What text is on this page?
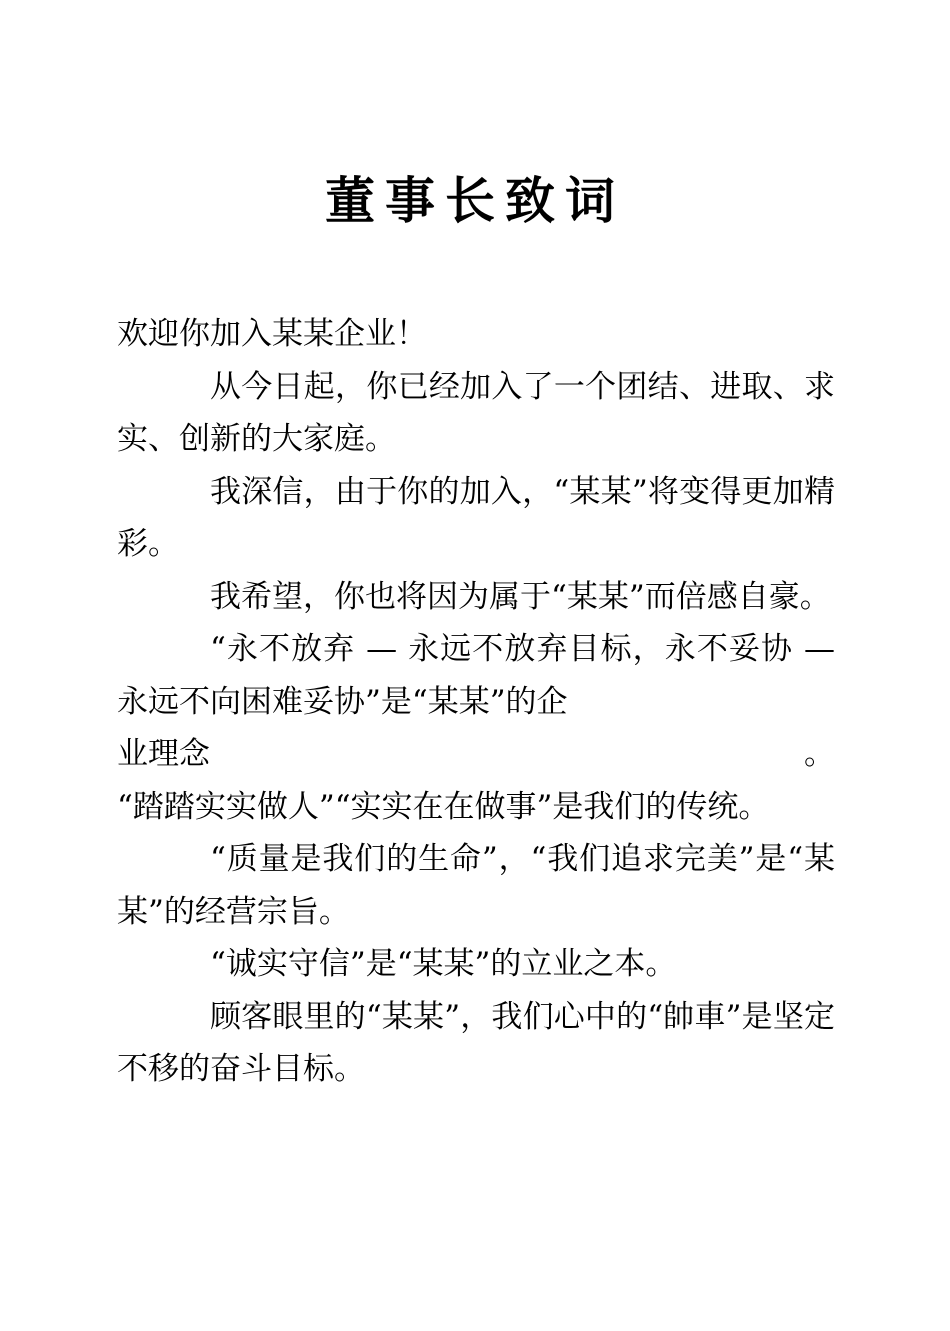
董事长致词

欢迎你加入某某企业！

从今日起，你已经加入了一个团结、进取、求实、创新的大家庭。

我深信，由于你的加入，“某某”将变得更加精彩。

我希望，你也将因为属于“某某”而倍感自豪。

“永不放弃 — 永远不放弃目标，永不妥协 — 永远不向困难妥协”是“某某”的企

业 理 念	。

“踏踏实实做人”“实实在在做事”是我们的传统。

“质量是我们的生命”，“我们追求完美”是“某某”的经营宗旨。

“诚实守信”是“某某”的立业之本。

顾客眼里的“某某”，我们心中的“帥車”是坚定不移的奋斗目标。
